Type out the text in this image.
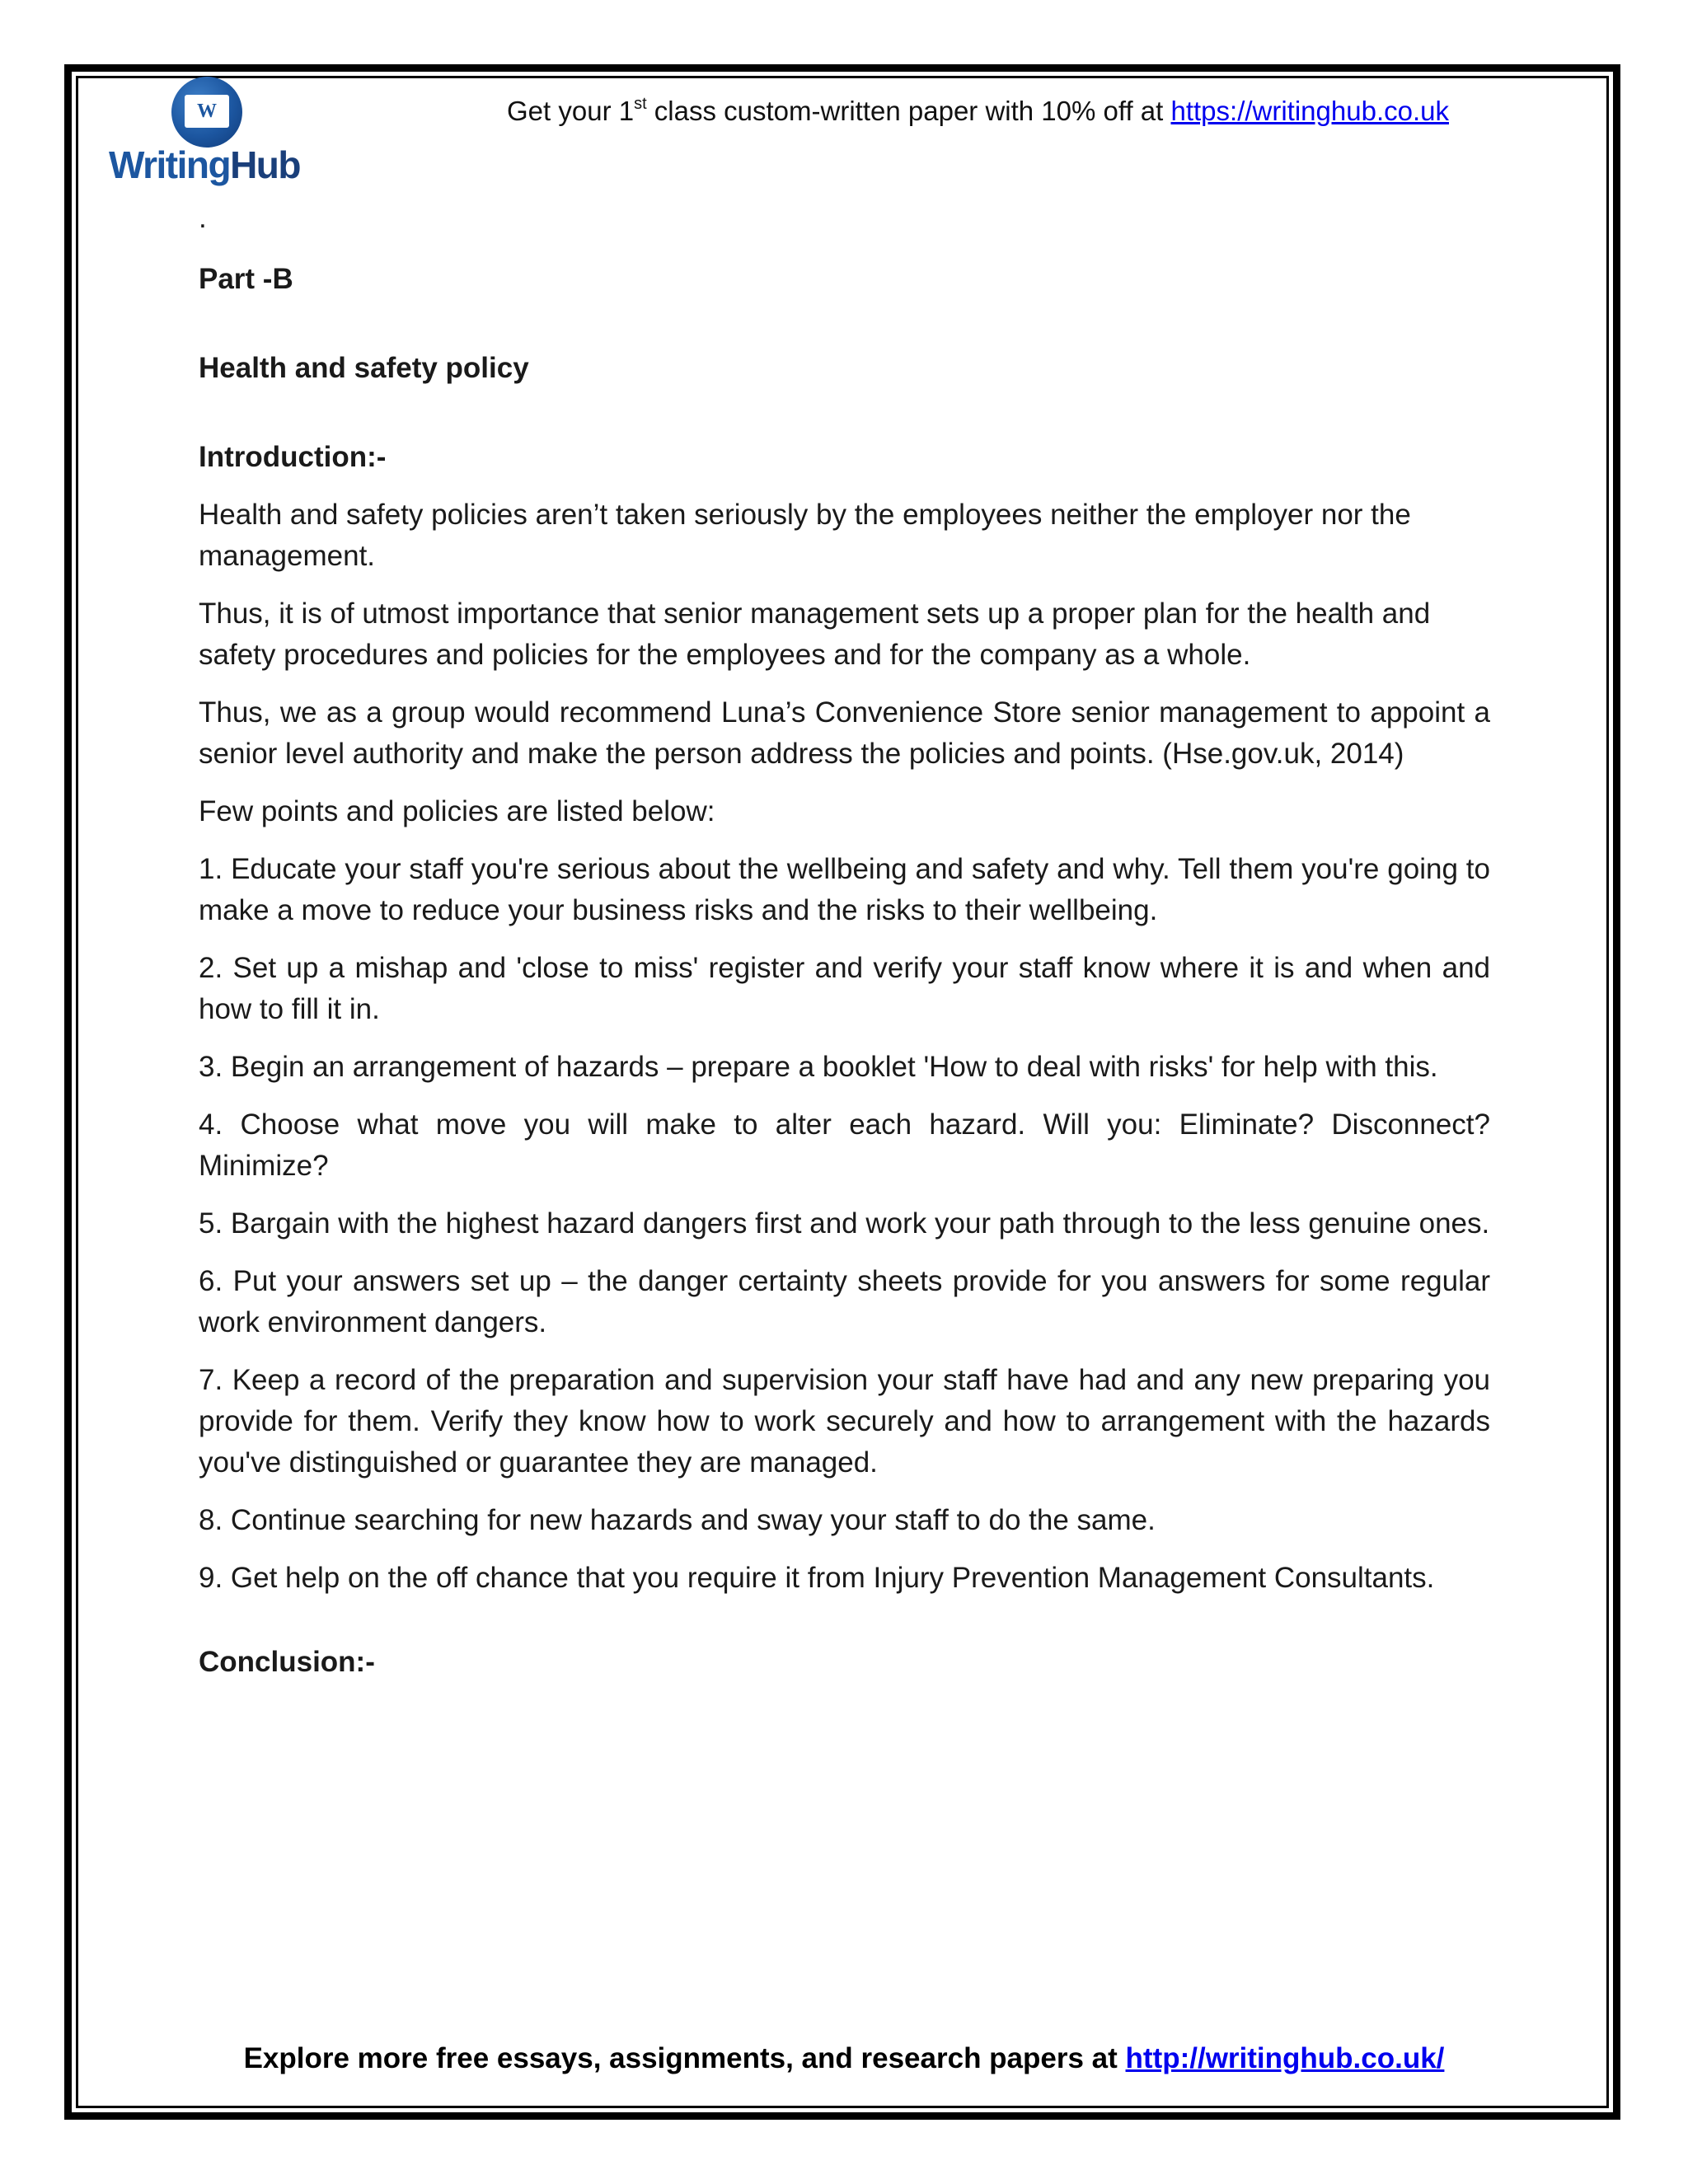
W
WritingHub
Get your 1st class custom-written paper with 10% off at https://writinghub.co.uk

.

Part -B

Health and safety policy

Introduction:-

Health and safety policies aren’t taken seriously by the employees neither the employer nor the management.

Thus, it is of utmost importance that senior management sets up a proper plan for the health and safety procedures and policies for the employees and for the company as a whole.

Thus, we as a group would recommend Luna’s Convenience Store senior management to appoint a senior level authority and make the person address the policies and points. (Hse.gov.uk, 2014)

Few points and policies are listed below:

1. Educate your staff you're serious about the wellbeing and safety and why. Tell them you're going to make a move to reduce your business risks and the risks to their wellbeing.

2. Set up a mishap and 'close to miss' register and verify your staff know where it is and when and how to fill it in.

3. Begin an arrangement of hazards – prepare a booklet 'How to deal with risks' for help with this.

4. Choose what move you will make to alter each hazard. Will you: Eliminate? Disconnect? Minimize?

5. Bargain with the highest hazard dangers first and work your path through to the less genuine ones.

6. Put your answers set up – the danger certainty sheets provide for you answers for some regular work environment dangers.

7. Keep a record of the preparation and supervision your staff have had and any new preparing you provide for them. Verify they know how to work securely and how to arrangement with the hazards you've distinguished or guarantee they are managed.

8. Continue searching for new hazards and sway your staff to do the same.

9. Get help on the off chance that you require it from Injury Prevention Management Consultants.

Conclusion:-

Explore more free essays, assignments, and research papers at http://writinghub.co.uk/
